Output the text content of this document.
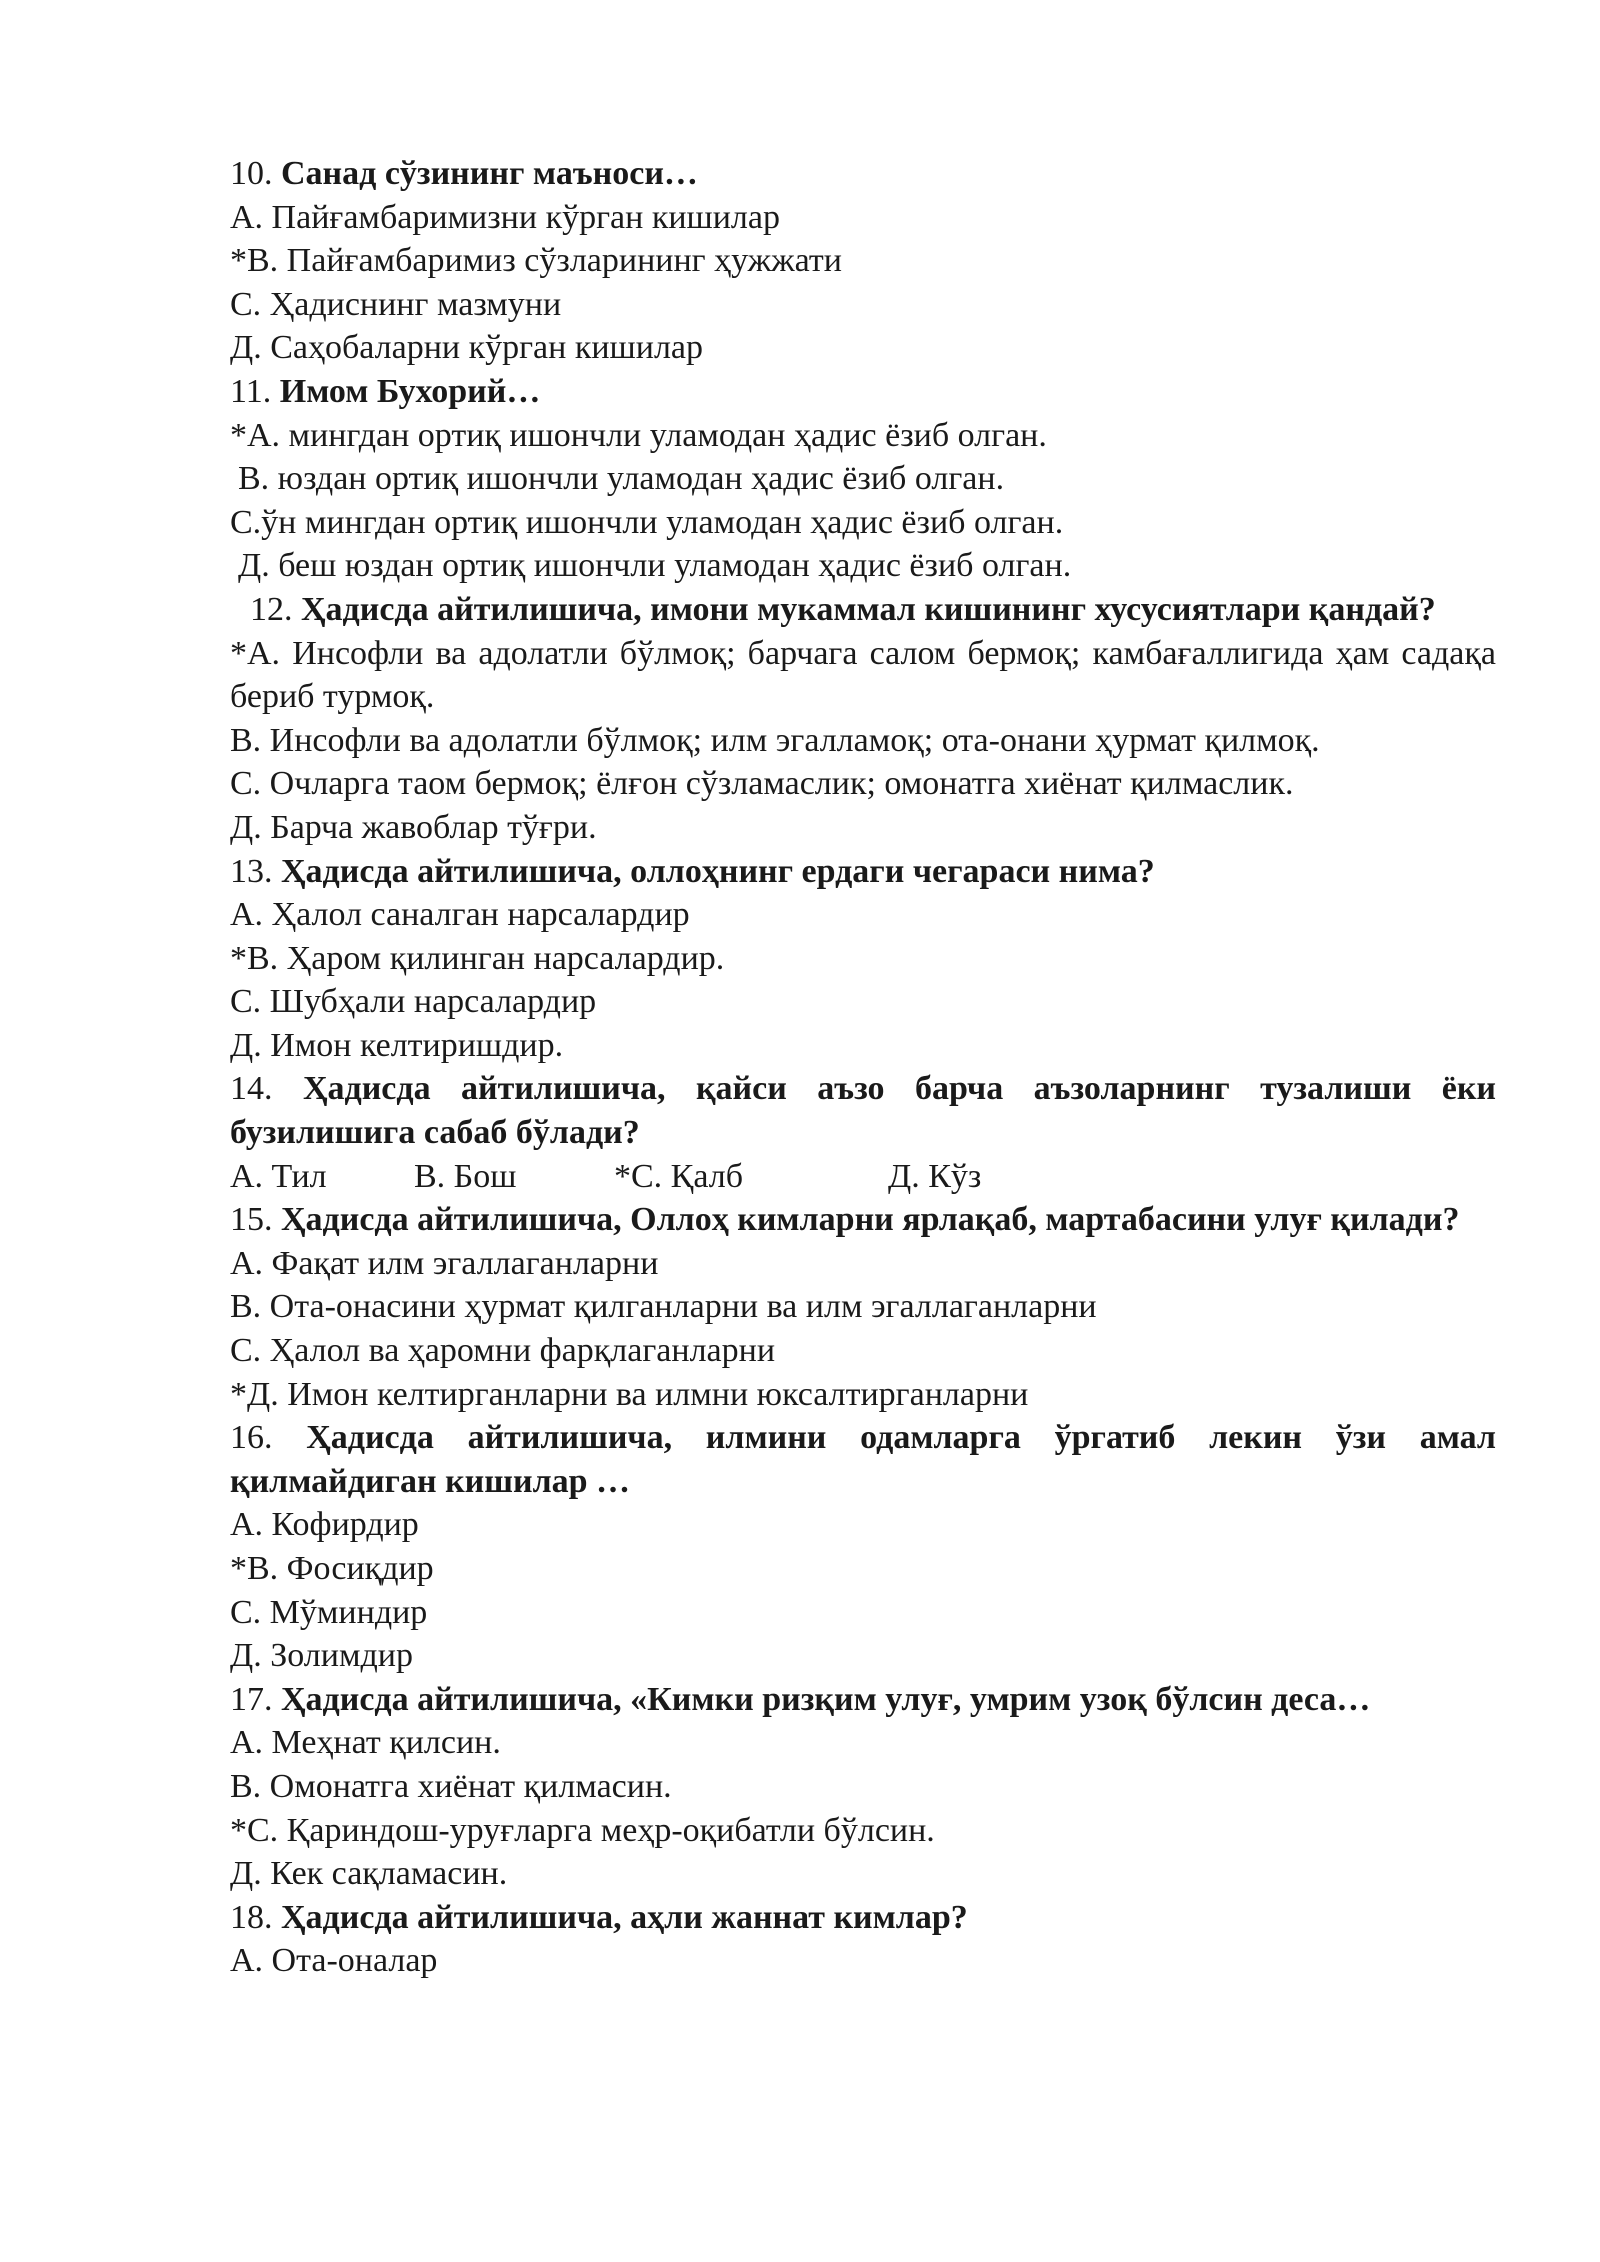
10. Санад сўзининг маъноси…
A. Пайғамбаримизни кўрган кишилар
*B. Пайғамбаримиз сўзларининг ҳужжати
C. Ҳадиснинг мазмуни
Д. Саҳобаларни кўрган кишилар
11. Имом Бухорий…
*A. мингдан ортиқ ишончли уламодан ҳадис ёзиб олган.
B. юздан ортиқ ишончли уламодан ҳадис ёзиб олган.
C.ўн мингдан ортиқ ишончли уламодан ҳадис ёзиб олган.
Д. беш юздан ортиқ ишончли уламодан ҳадис ёзиб олган.
12. Ҳадисда айтилишича, имони мукаммал кишининг хусусиятлари қандай?
*A. Инсофли ва адолатли бўлмоқ; барчага салом бермоқ; камбағаллигида ҳам садақа бериб турмоқ.
B. Инсофли ва адолатли бўлмоқ; илм эгалламоқ; ота-онани ҳурмат қилмоқ.
C. Очларга таом бермоқ; ёлғон сўзламаслик; омонатга хиёнат қилмаслик.
Д. Барча жавоблар тўғри.
13. Ҳадисда айтилишича, оллоҳнинг ердаги чегараси нима?
A. Ҳалол саналган нарсалардир
*B. Ҳаром қилинган нарсалардир.
C. Шубҳали нарсалардир
Д. Имон келтиришдир.
14. Ҳадисда айтилишича, қайси аъзо барча аъзоларнинг тузалиши ёки бузилишига сабаб бўлади?
A. Тил	B. Бош	*C. Қалб	Д. Кўз
15. Ҳадисда айтилишича, Оллоҳ кимларни ярлақаб, мартабасини улуғ қилади?
A. Фақат илм эгаллаганларни
B. Ота-онасини ҳурмат қилганларни ва илм эгаллаганларни
C. Ҳалол ва ҳаромни фарқлаганларни
*Д. Имон келтирганларни ва илмни юксалтирганларни
16. Ҳадисда айтилишича, илмини одамларга ўргатиб лекин ўзи амал қилмайдиган кишилар …
A. Кофирдир
*B. Фосиқдир
C. Мўминдир
Д. Золимдир
17. Ҳадисда айтилишича, «Кимки ризқим улуғ, умрим узоқ бўлсин деса…
A. Меҳнат қилсин.
B. Омонатга хиёнат қилмасин.
*C. Қариндош-уруғларга меҳр-оқибатли бўлсин.
Д. Кек сақламасин.
18. Ҳадисда айтилишича, аҳли жаннат кимлар?
A. Ота-оналар
